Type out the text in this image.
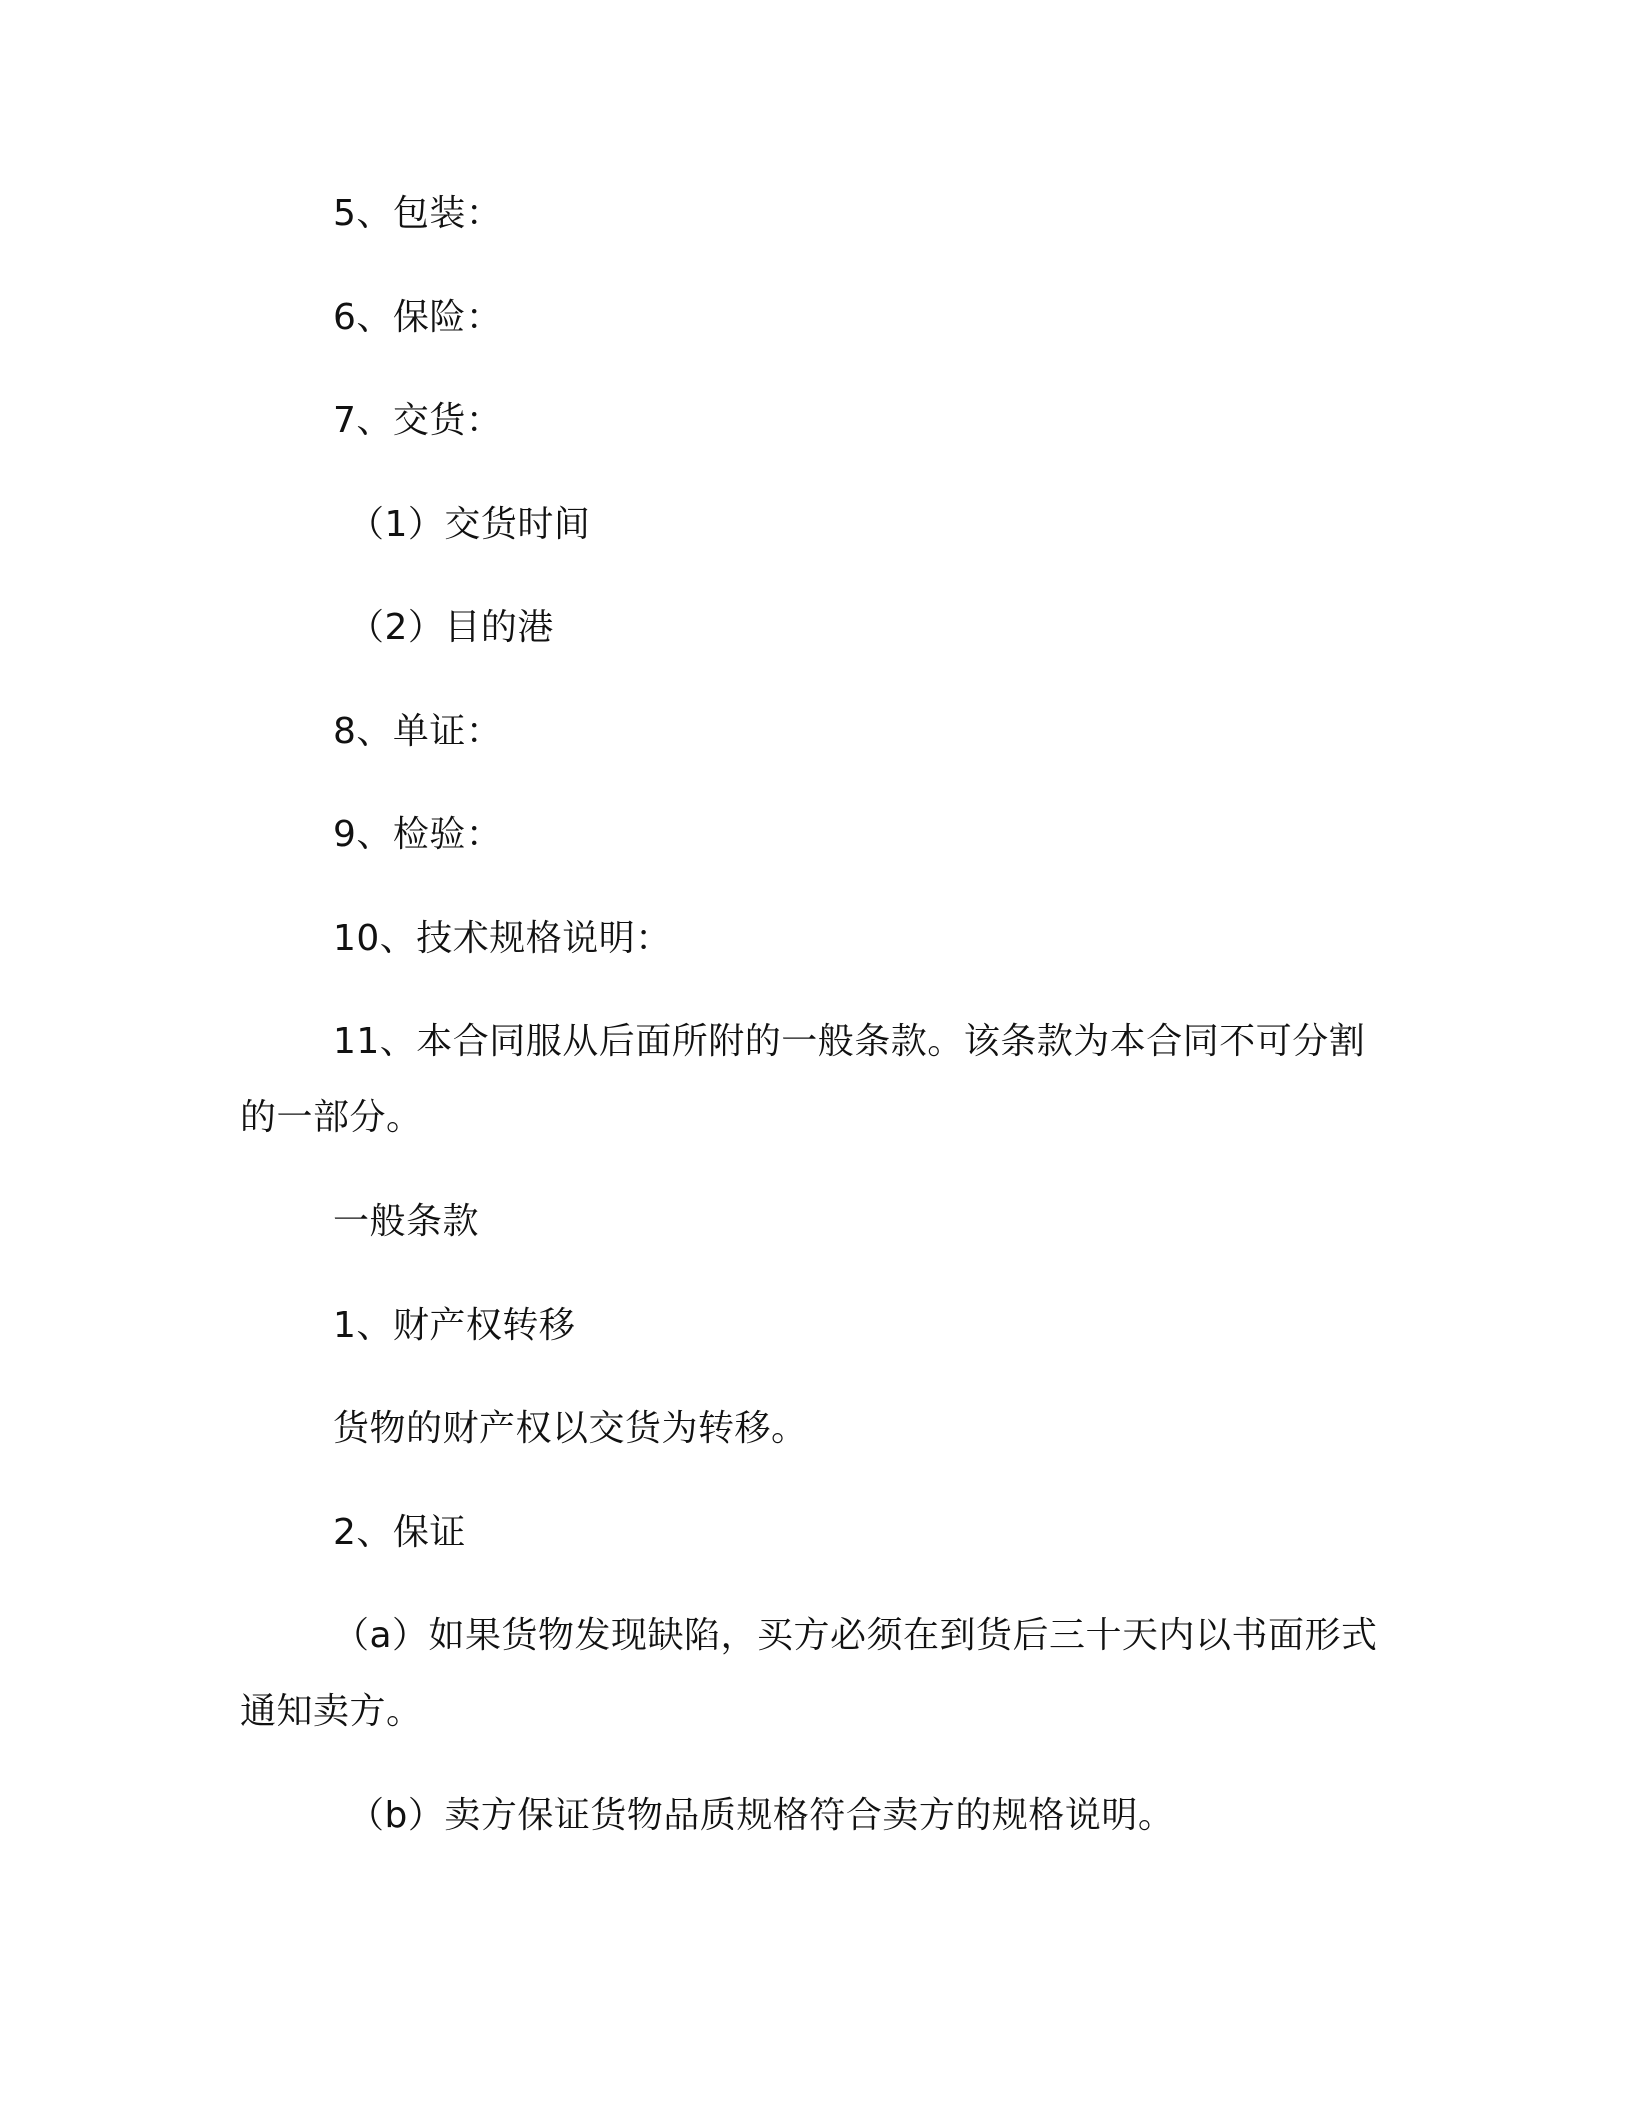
5、包装：
6、保险：
7、交货：
（1）交货时间
（2）目的港
8、单证：
9、检验：
10、技术规格说明：
11、本合同服从后面所附的一般条款。该条款为本合同不可分割的一部分。
一般条款
1、财产权转移
货物的财产权以交货为转移。
2、保证
（a）如果货物发现缺陷，买方必须在到货后三十天内以书面形式通知卖方。
（b）卖方保证货物品质规格符合卖方的规格说明。
